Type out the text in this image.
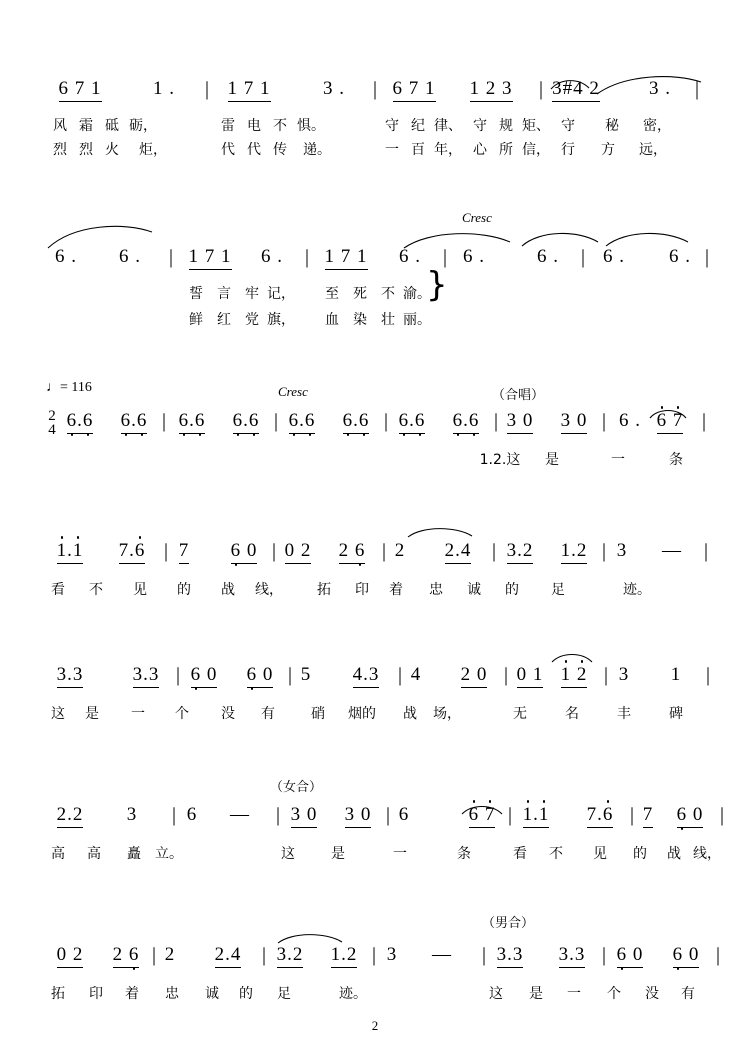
6 7 1	1 .	| 1 7 1	3 .	| 6 7 1	1 2 3	| 3#4 2	3 .	|
风 霜 砥 砺，	雷 电 不 惧。	守 纪 律、 守 规 矩、 守	秘	密，
烈 烈 火	炬，	代 代 传	递。	一 百 年， 心 所 信， 行	方	远，
Cresc
6 .	6 .	| 1 7 1	6 .	| 1 7 1	6 .	| 6 .	6 .	| 6 .	6 . |
誓	言	牢 记，	至	死	不 渝。
鲜	红	党 旗，	血	染	壮 丽。
}
♩= 116	Cresc	（合唱）
2
4 6.6	6.6 | 6.6	6.6 | 6.6	6.6 | 6.6	6.6 | 3 0	3 0 | 6 . 6 7 |
1.2.这	是	一	条
1.1	7.6 | 7	6 0 | 0 2	2 6 | 2	2.4	| 3.2	1.2 | 3	— |
看	不	见	的	战	线，	拓	印	着	忠	诚	的	足	迹。
3.3	3.3 | 6 0	6 0 | 5	4.3 | 4	2 0 | 0 1 1 2 | 3	1	|
这	是	一	个	没	有	硝	烟的	战	场，	无	名	丰	碑
（女合）
2.2	3	| 6	— | 3 0	3 0 | 6	6 7 | 1.1	7.6 | 7	6 0 |
高	高	矗	立。	这	是	一	条	看	不	见	的	战 线，
（男合）
0 2	2 6 | 2	2.4	| 3.2	1.2 | 3	— | 3.3	3.3 | 6 0	6 0 |
拓	印	着	忠	诚	的	足	迹。	这	是	一	个	没	有
2
